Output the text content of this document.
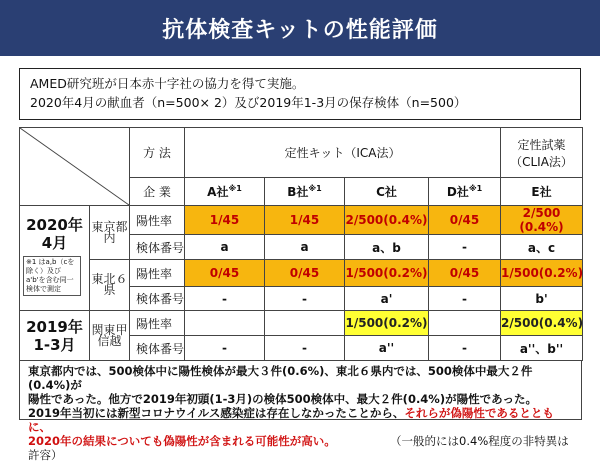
抗体検査キットの性能評価
AMED研究班が日本赤十字社の協力を得て実施。
2020年4月の献血者（n=500× 2）及び2019年1-3月の保存検体（n=500）
	方 法	定性キット（ICA法）				定性試薬
（CLIA法）

		企 業	A社$^{※1}$	B社$^{※1}$	C社	D社$^{※1}$	E社

2020年
4月
※1 はa,b（cを除く）及びa'b'を含む同一検体で測定	東京都内	陽性率	1/45	1/45	2/500(0.4%)	0/45	2/500 (0.4%)
		検体番号	a	a	a、b	-	a、c
	東北６県	陽性率	0/45	0/45	1/500(0.2%)	0/45	1/500(0.2%)
		検体番号	-	-	a'	-	b'

2019年
1-3月	関東甲信越	陽性率			1/500(0.2%)		2/500(0.4%)
		検体番号	-	-	a''	-	a''、b''
東京都内では、500検体中に陽性検体が最大３件(0.6%)、東北６県内では、500検体中最大２件(0.4%)が
陽性であった。他方で2019年初頭(1-3月)の検体500検体中、最大２件(0.4%)が陽性であった。
2019年当初には新型コロナウイルス感染症は存在しなかったことから、それらが偽陽性であるとともに、
2020年の結果についても偽陽性が含まれる可能性が高い。	（一般的には0.4%程度の非特異は許容）
